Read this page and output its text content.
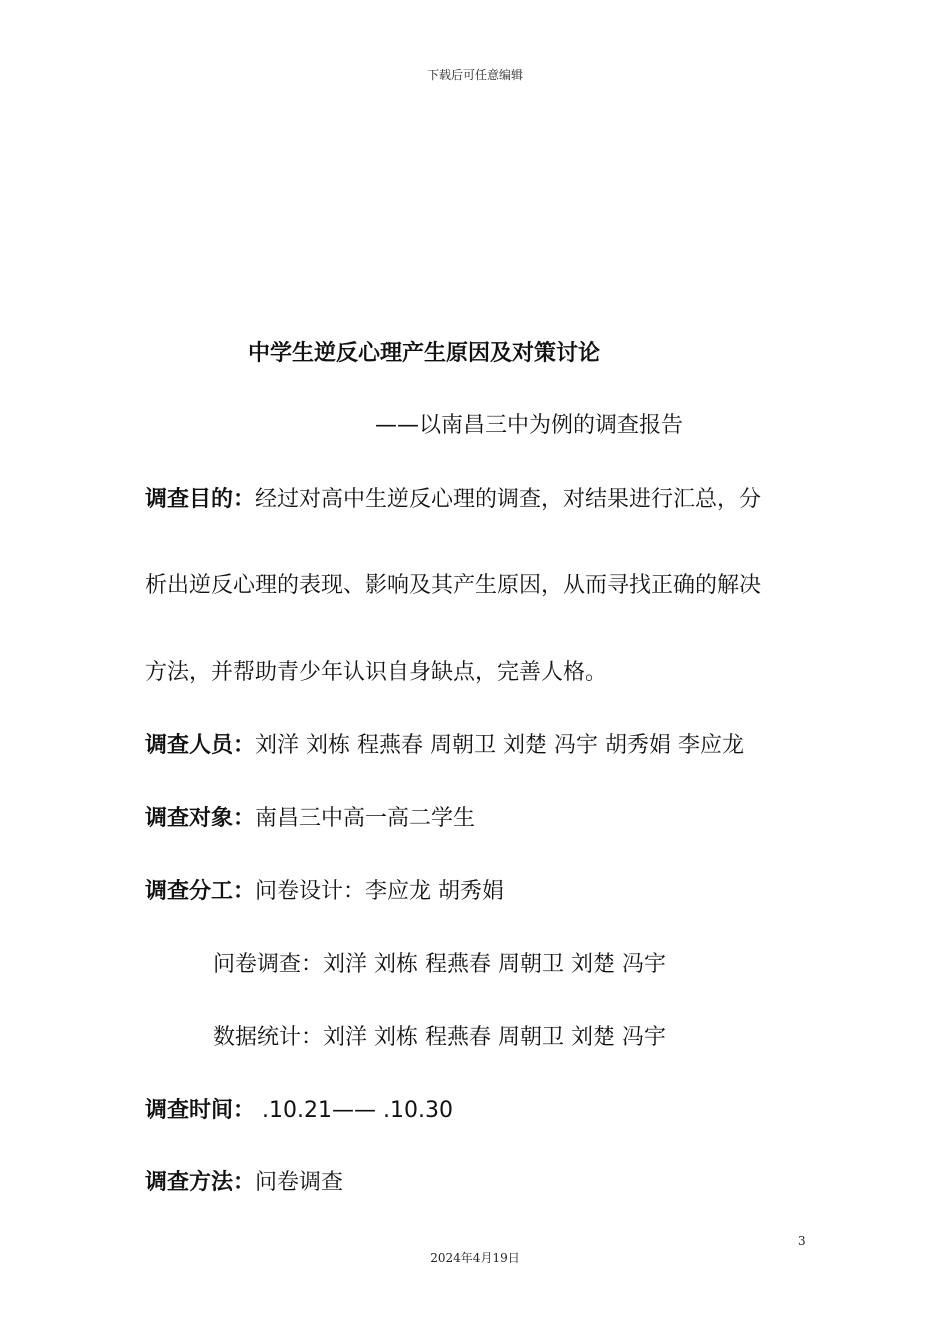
下载后可任意编辑
中学生逆反心理产生原因及对策讨论
——以南昌三中为例的调查报告
调查目的：经过对高中生逆反心理的调查，对结果进行汇总，分
析出逆反心理的表现、影响及其产生原因，从而寻找正确的解决
方法，并帮助青少年认识自身缺点，完善人格。
调查人员：刘洋 刘栋 程燕春 周朝卫 刘楚 冯宇 胡秀娟 李应龙
调查对象：南昌三中高一高二学生
调查分工：问卷设计：李应龙 胡秀娟
问卷调查：刘洋 刘栋 程燕春 周朝卫 刘楚 冯宇
数据统计：刘洋 刘栋 程燕春 周朝卫 刘楚 冯宇
调查时间： .10.21—— .10.30
调查方法：问卷调查
3
2024年4月19日
